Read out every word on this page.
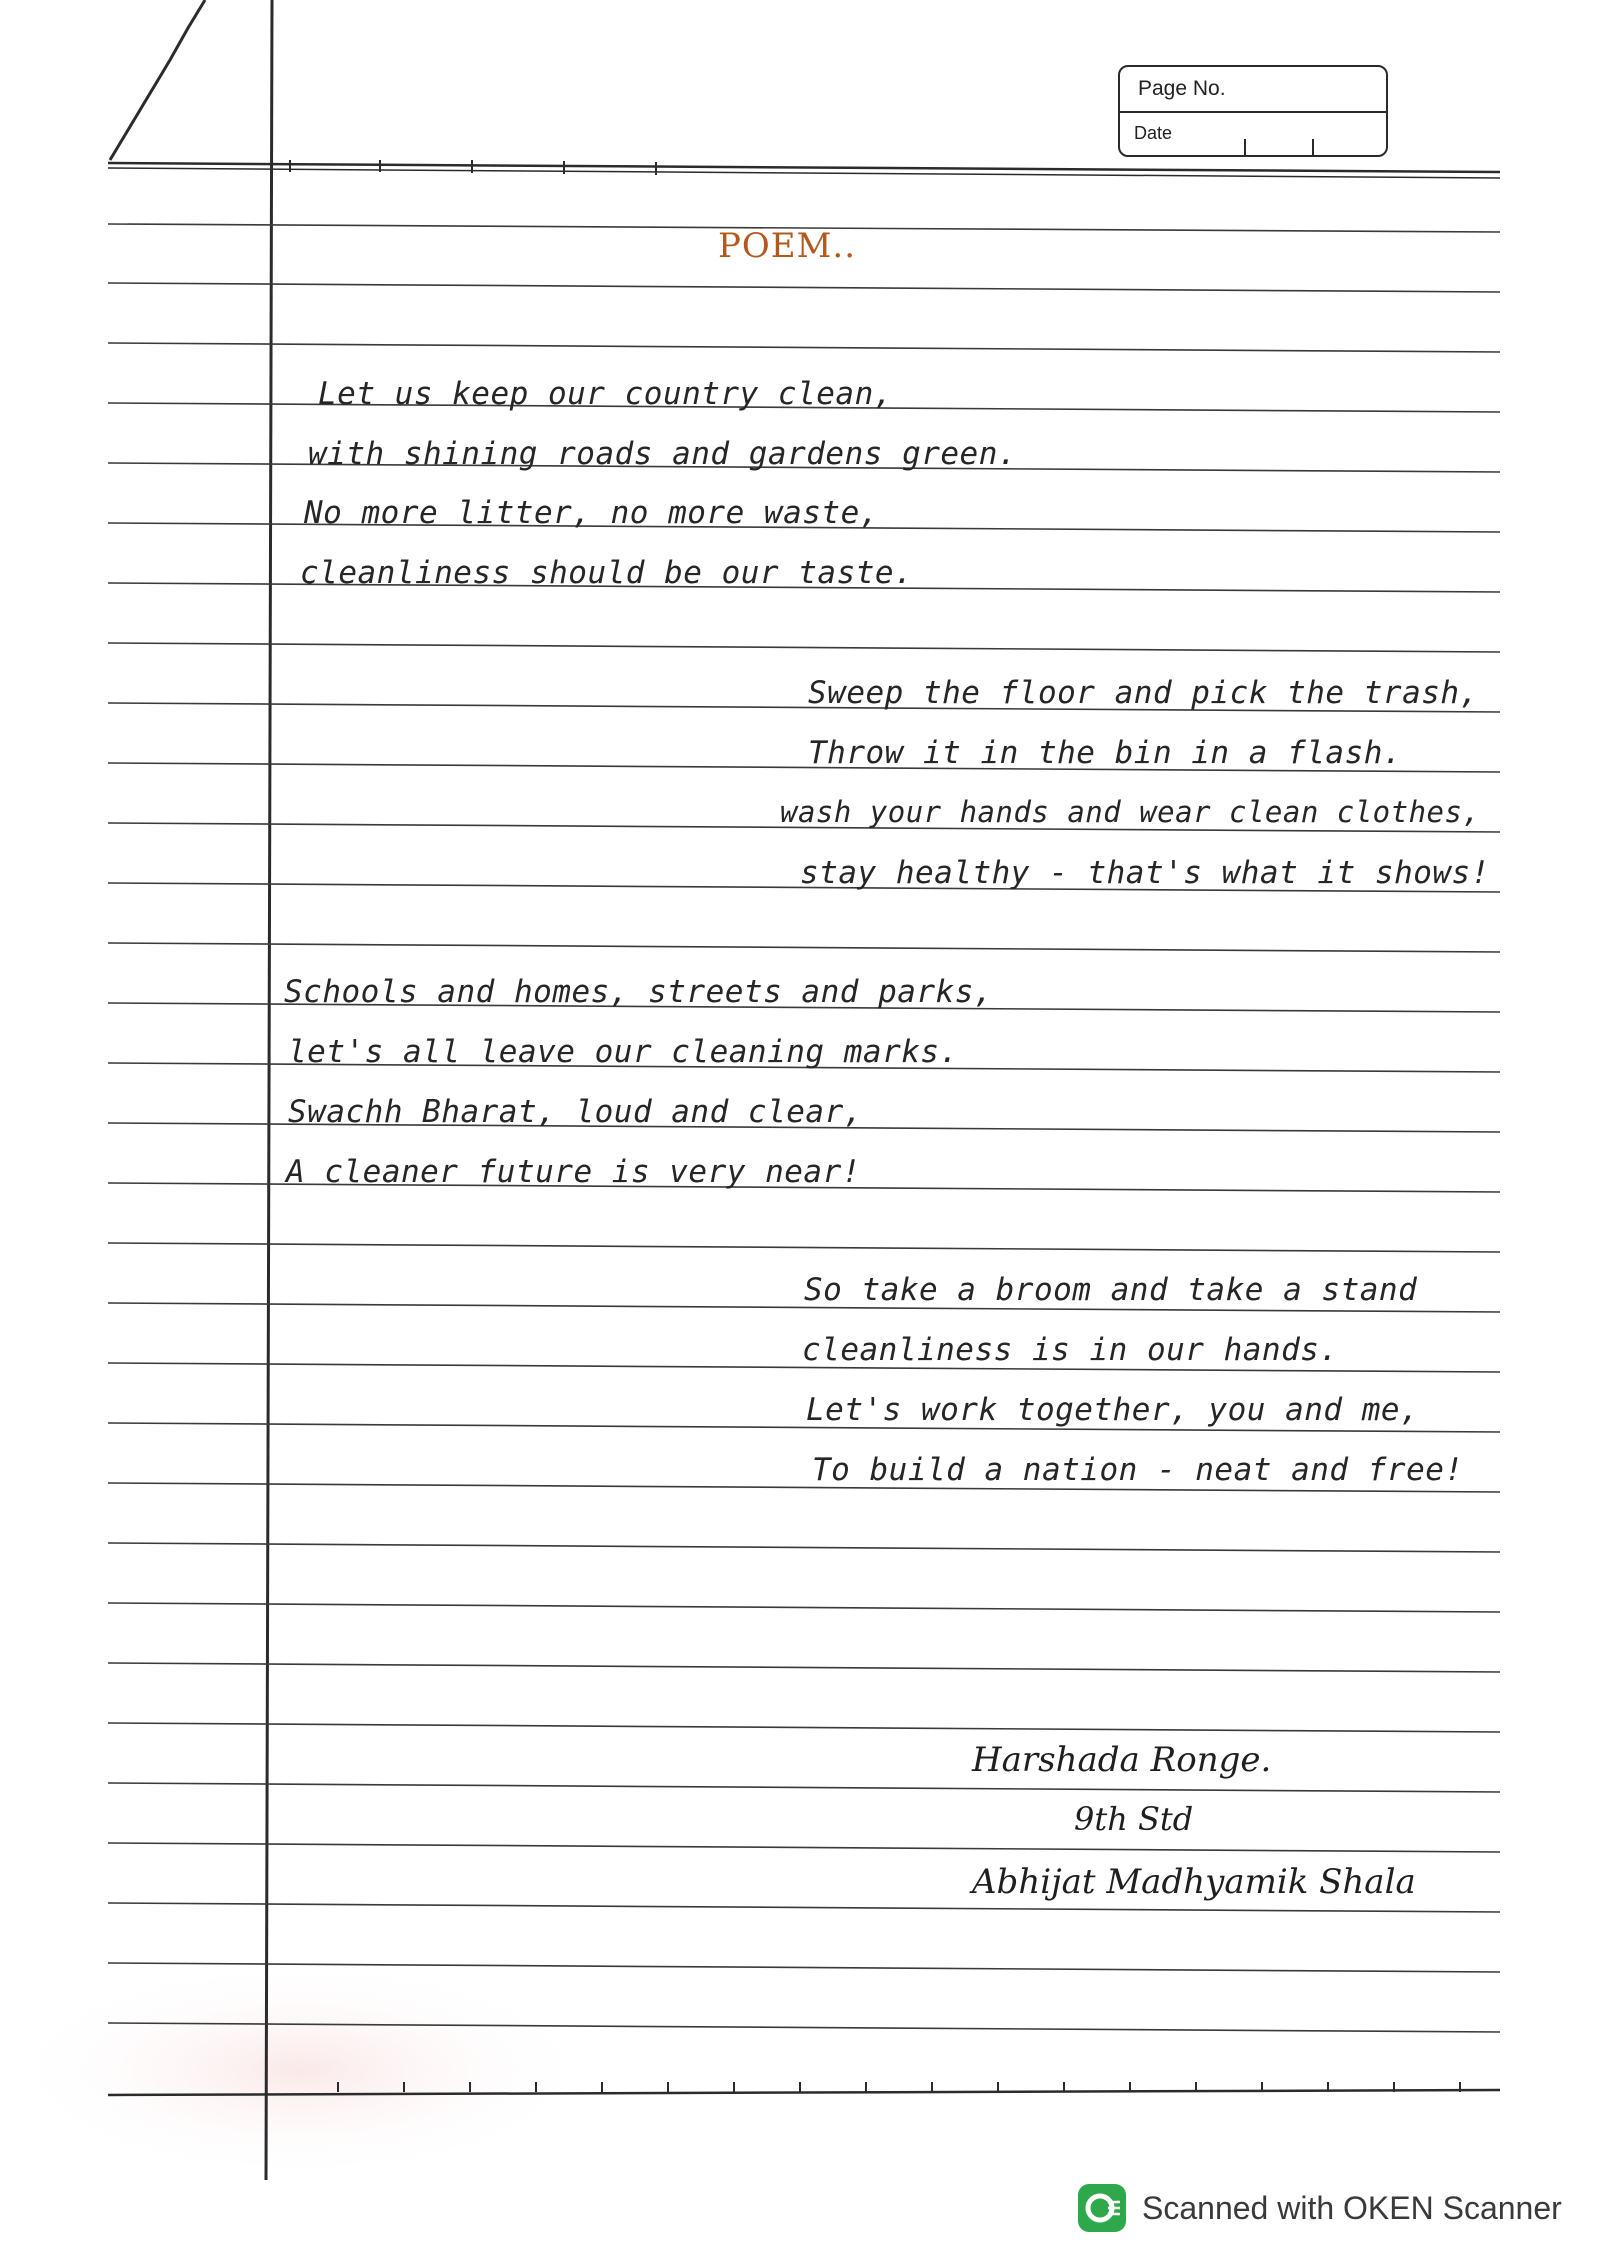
Page No.
Date
POEM..
Let us keep our country clean,
with shining roads and gardens green.
No more litter, no more waste,
cleanliness should be our taste.
Sweep the floor and pick the trash,
Throw it in the bin in a flash.
wash your hands and wear clean clothes,
stay healthy - that's what it shows!
Schools and homes, streets and parks,
let's all leave our cleaning marks.
Swachh Bharat, loud and clear,
A cleaner future is very near!
So take a broom and take a stand
cleanliness is in our hands.
Let's work together, you and me,
To build a nation - neat and free!
Harshada Ronge.
9th Std
Abhijat Madhyamik Shala
Scanned with OKEN Scanner
